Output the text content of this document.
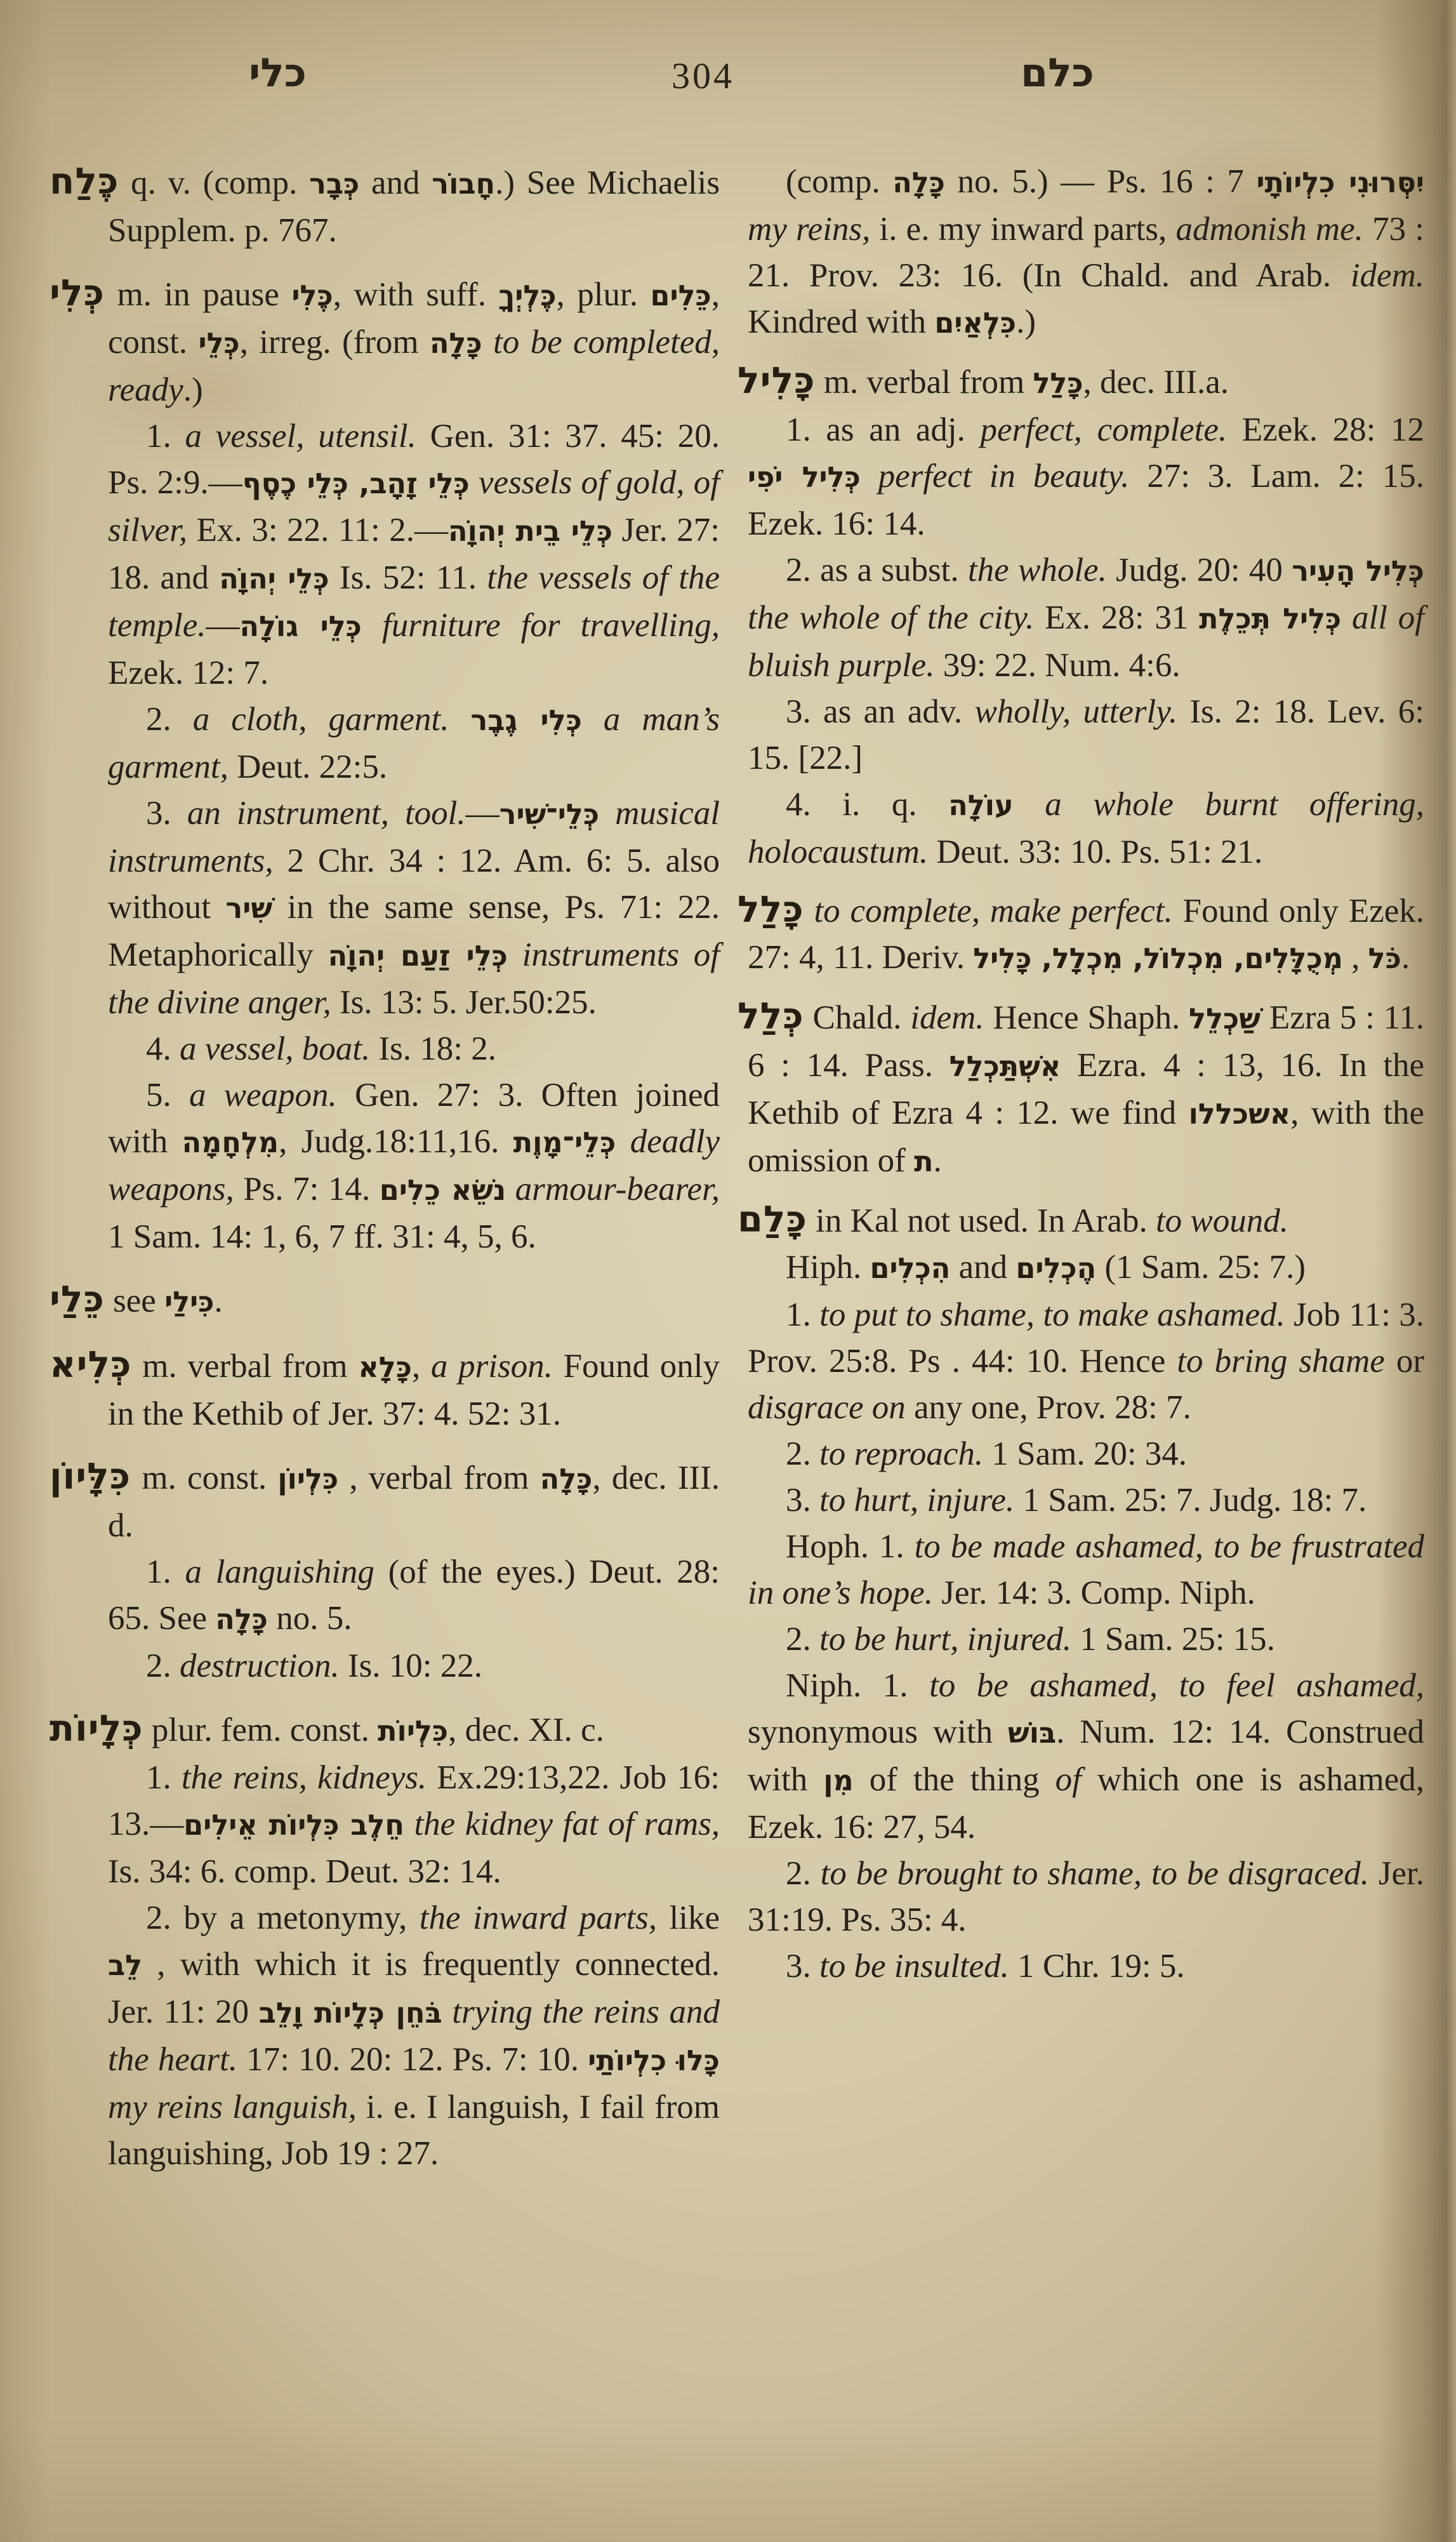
כלי	304	כלם

כֶּלַח q. v. (comp. כְּבָר and חָבוֹר.) See Michaelis Supplem. p. 767.

כְּלִי m. in pause כֶּלִי, with suff. כֶּלְיְךָ, plur. כֵּלִים, const. כְּלֵי, irreg. (from כָּלָה to be completed, ready.)

1. a vessel, utensil. Gen. 31: 37. 45: 20. Ps. 2:9.—כְּלֵי זָהָב, כְּלֵי כֶסֶף vessels of gold, of silver, Ex. 3: 22. 11: 2.—כְּלֵי בֵית יְהוָֹה Jer. 27: 18. and כְּלֵי יְהוָֹה Is. 52: 11. the vessels of the temple.—כְּלֵי גוֹלָה furniture for travelling, Ezek. 12: 7.

2. a cloth, garment. כְּלִי גֶבֶר a man’s garment, Deut. 22:5.

3. an instrument, tool.—כְּלֵי־שִׁיר musical instruments, 2 Chr. 34 : 12. Am. 6: 5. also without שִׁיר in the same sense, Ps. 71: 22. Metaphorically כְּלֵי זַעַם יְהוָֹה instruments of the divine anger, Is. 13: 5. Jer.50:25.

4. a vessel, boat. Is. 18: 2.

5. a weapon. Gen. 27: 3. Often joined with מִלְחָמָה, Judg.18:11,16. כְּלֵי־מָוֶת deadly weapons, Ps. 7: 14. נֹשֵׂא כֵלִים armour-bearer, 1 Sam. 14: 1, 6, 7 ff. 31: 4, 5, 6.

כֵּלַי see כִּילַי.

כְּלִיא m. verbal from כָּלָא, a prison. Found only in the Kethib of Jer. 37: 4. 52: 31.

כִּלָּיוֹן m. const. כִּלְיוֹן , verbal from כָּלָה, dec. III. d.

1. a languishing (of the eyes.) Deut. 28: 65. See כָּלָה no. 5.

2. destruction. Is. 10: 22.

כְּלָיוֹת plur. fem. const. כִּלְיוֹת, dec. XI. c.

1. the reins, kidneys. Ex.29:13,22. Job 16: 13.—חֵלֶב כִּלְיוֹת אֵילִים the kidney fat of rams, Is. 34: 6. comp. Deut. 32: 14.

2. by a metonymy, the inward parts, like לֵב , with which it is frequently connected. Jer. 11: 20 בֹּחֵן כְּלָיוֹת וָלֵב trying the reins and the heart. 17: 10. 20: 12. Ps. 7: 10. כָּלוּ כִלְיוֹתַי my reins languish, i. e. I languish, I fail from languishing, Job 19 : 27.

(comp. כָּלָה no. 5.) — Ps. 16 : 7 יִסְּרוּנִי כִלְיוֹתָי my reins, i. e. my inward parts, admonish me. 73 : 21. Prov. 23: 16. (In Chald. and Arab. idem. Kindred with כִּלְאַיִם.)

כָּלִיל m. verbal from כָּלַל, dec. III.a.

1. as an adj. perfect, complete. Ezek. 28: 12 כְּלִיל יֹפִי perfect in beauty. 27: 3. Lam. 2: 15. Ezek. 16: 14.

2. as a subst. the whole. Judg. 20: 40 כְּלִיל הָעִיר the whole of the city. Ex. 28: 31 כְּלִיל תְּכֵלֶת all of bluish purple. 39: 22. Num. 4:6.

3. as an adv. wholly, utterly. Is. 2: 18. Lev. 6: 15. [22.]

4. i. q. עוֹלָה a whole burnt offering, holocaustum. Deut. 33: 10. Ps. 51: 21.

כָּלַל to complete, make perfect. Found only Ezek. 27: 4, 11. Deriv.	כֹּל , מְכֻלָּלִים, מִכְלוֹל, מִכְלָל, כָּלִיל .

כְּלַל Chald. idem. Hence Shaph. שַׁכְלֵל Ezra 5 : 11. 6 : 14. Pass. אִשְׁתַּכְלַל Ezra. 4 : 13, 16. In the Kethib of Ezra 4 : 12. we find אשכללו, with the omission of ת.

כָּלַם in Kal not used. In Arab. to wound.

Hiph. הִכְלִים and הֶכְלִים (1 Sam. 25: 7.)

1. to put to shame, to make ashamed. Job 11: 3. Prov. 25:8. Ps . 44: 10. Hence to bring shame or disgrace on any one, Prov. 28: 7.

2. to reproach. 1 Sam. 20: 34.

3. to hurt, injure. 1 Sam. 25: 7. Judg. 18: 7.

Hoph. 1. to be made ashamed, to be frustrated in one’s hope. Jer. 14: 3. Comp. Niph.

2. to be hurt, injured. 1 Sam. 25: 15.

Niph. 1. to be ashamed, to feel ashamed, synonymous with בּוֹשׁ. Num. 12: 14. Construed with מִן of the thing of which one is ashamed, Ezek. 16: 27, 54.

2. to be brought to shame, to be disgraced. Jer. 31:19. Ps. 35: 4.

3. to be insulted. 1 Chr. 19: 5.
